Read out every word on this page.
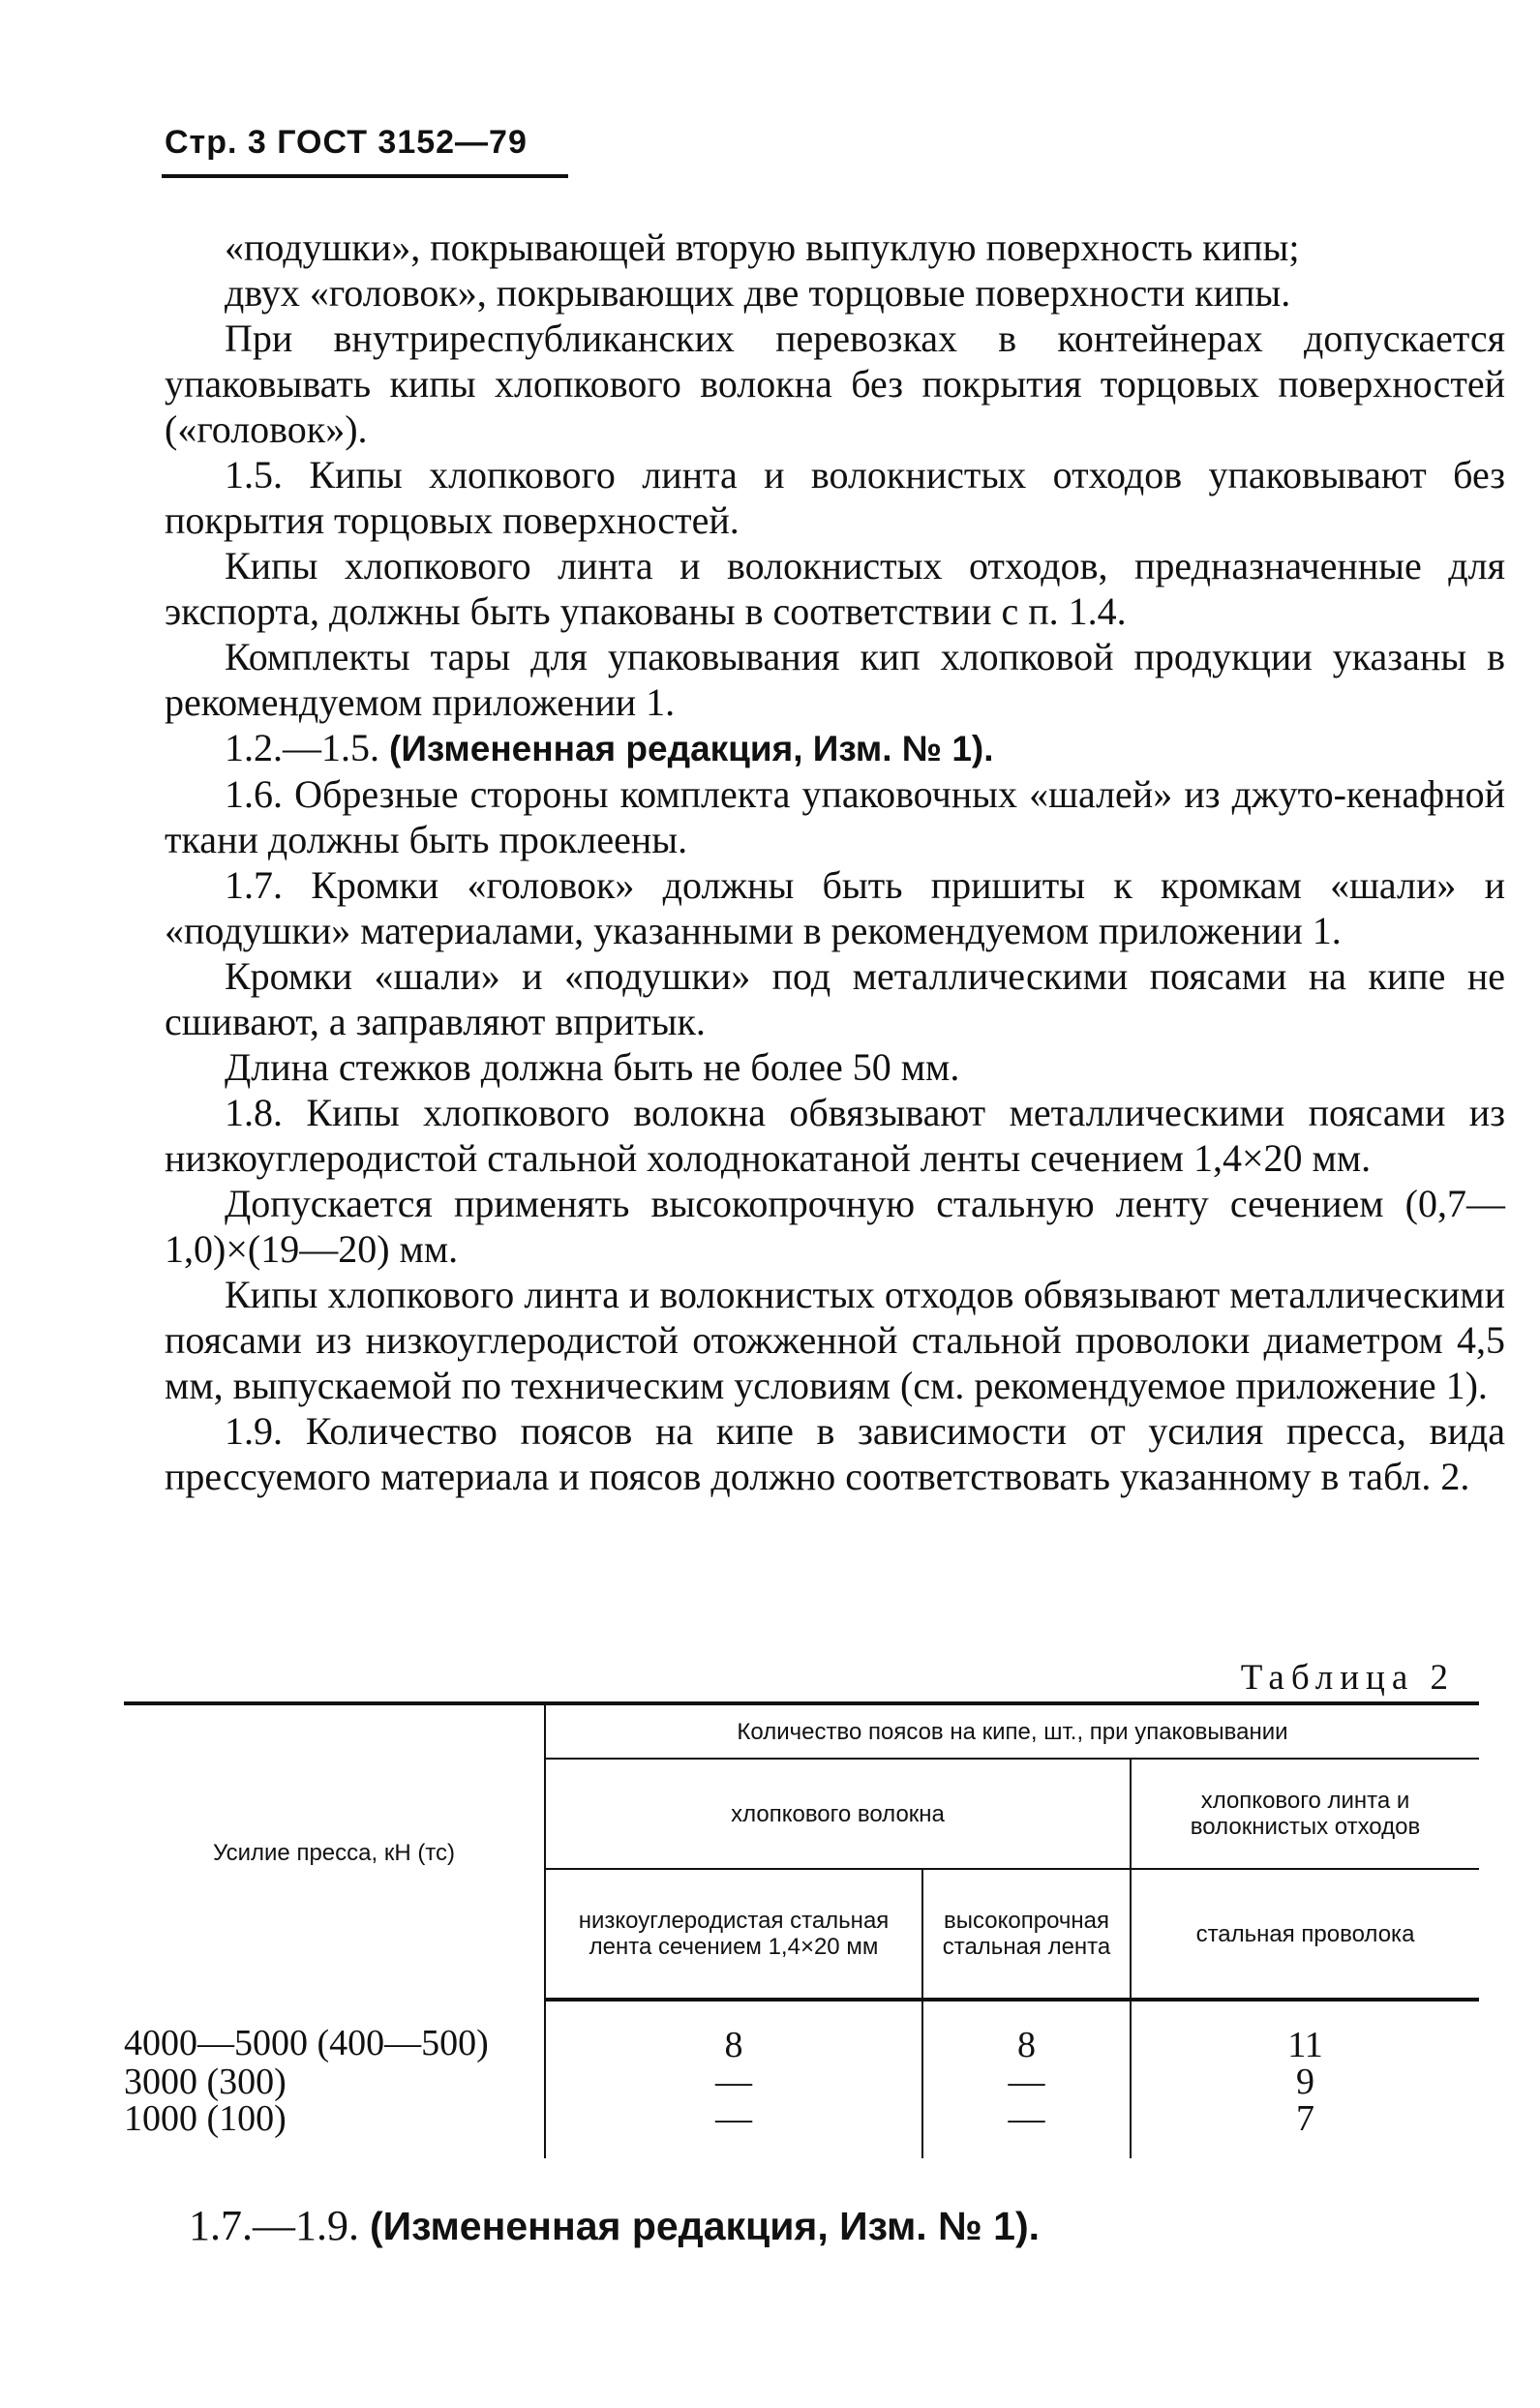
Стр. 3 ГОСТ 3152—79

«подушки», покрывающей вторую выпуклую поверхность кипы;

двух «головок», покрывающих две торцовые поверхности кипы.

При внутриреспубликанских перевозках в контейнерах допускается упаковывать кипы хлопкового волокна без покрытия торцовых поверхностей («головок»).

1.5. Кипы хлопкового линта и волокнистых отходов упаковывают без покрытия торцовых поверхностей.

Кипы хлопкового линта и волокнистых отходов, предназначенные для экспорта, должны быть упакованы в соответствии с п. 1.4.

Комплекты тары для упаковывания кип хлопковой продукции указаны в рекомендуемом приложении 1.

1.2.—1.5. (Измененная редакция, Изм. № 1).

1.6. Обрезные стороны комплекта упаковочных «шалей» из джуто-кенафной ткани должны быть проклеены.

1.7. Кромки «головок» должны быть пришиты к кромкам «шали» и «подушки» материалами, указанными в рекомендуемом приложении 1.

Кромки «шали» и «подушки» под металлическими поясами на кипе не сшивают, а заправляют впритык.

Длина стежков должна быть не более 50 мм.

1.8. Кипы хлопкового волокна обвязывают металлическими поясами из низкоуглеродистой стальной холоднокатаной ленты сечением 1,4×20 мм.

Допускается применять высокопрочную стальную ленту сечением (0,7—1,0)×(19—20) мм.

Кипы хлопкового линта и волокнистых отходов обвязывают металлическими поясами из низкоуглеродистой отожженной стальной проволоки диаметром 4,5 мм, выпускаемой по техническим условиям (см. рекомендуемое приложение 1).

1.9. Количество поясов на кипе в зависимости от усилия пресса, вида прессуемого материала и поясов должно соответствовать указанному в табл. 2.

Таблица 2
Усилие пресса, кН (тс)	Количество поясов на кипе, шт., при упаковывании		
	хлопкового волокна		хлопкового линта и волокнистых отходов
	низкоуглеродистая стальная лента сечением 1,4×20 мм	высокопрочная стальная лента	стальная проволока
4000—5000 (400—500)	8	8	11
3000 (300)	—	—	9
1000 (100)	—	—	7
1.7.—1.9. (Измененная редакция, Изм. № 1).
